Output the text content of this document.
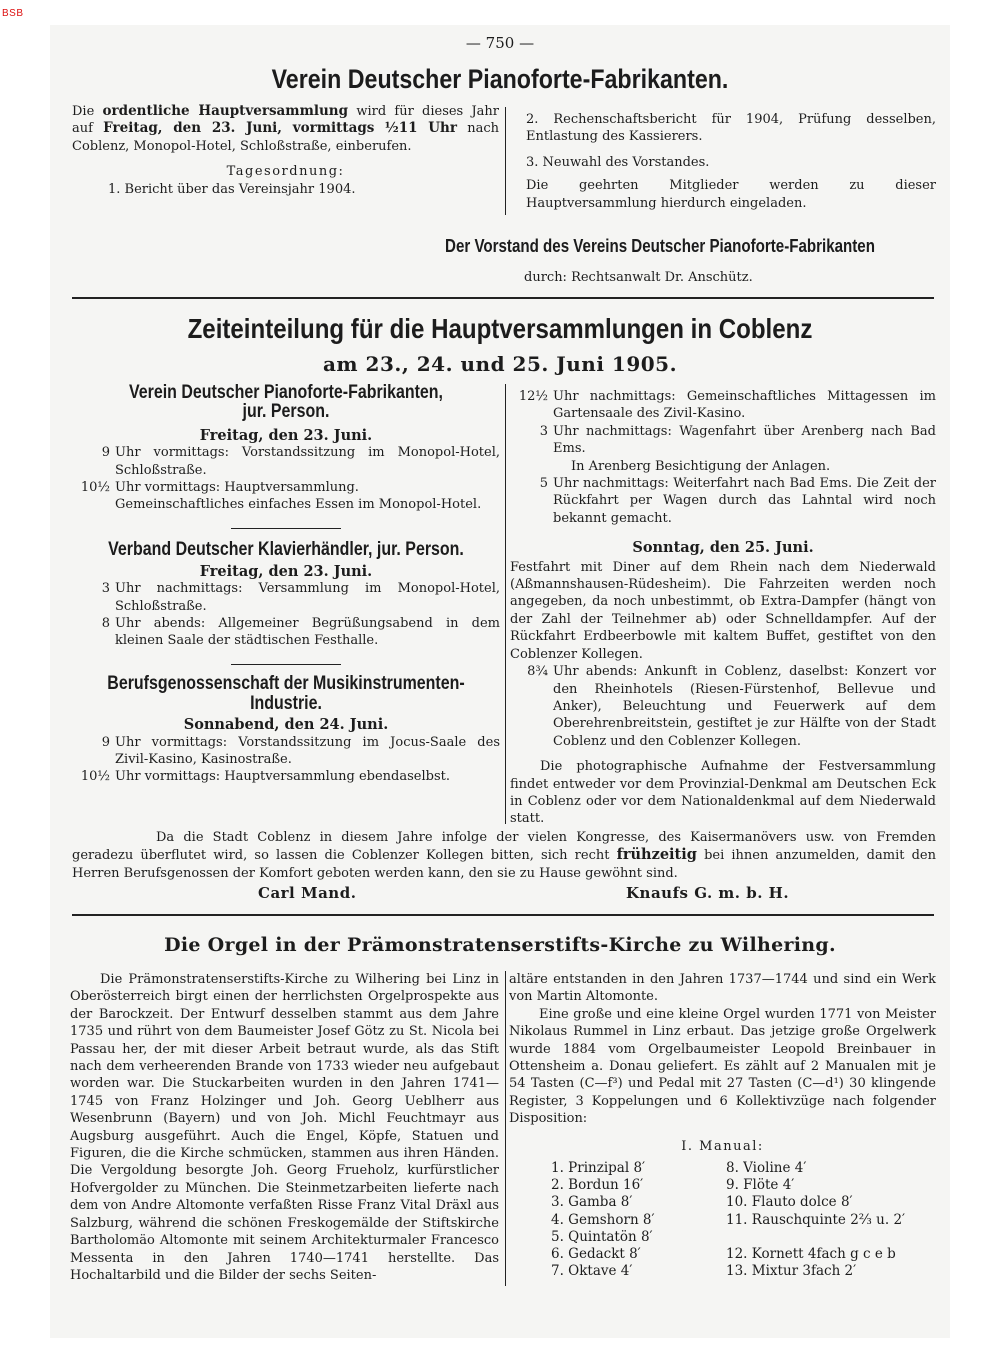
BSB
— 750 —
Verein Deutscher Pianoforte-Fabrikanten.

Die ordentliche Hauptversammlung wird für dieses Jahr auf Freitag, den 23. Juni, vormittags ½11 Uhr nach Coblenz, Monopol-Hotel, Schloßstraße, einberufen.

Tagesordnung:
1. Bericht über das Vereinsjahr 1904.

2. Rechenschaftsbericht für 1904, Prüfung desselben, Entlastung des Kassierers.

3. Neuwahl des Vorstandes.

Die geehrten Mitglieder werden zu dieser Hauptversammlung hierdurch eingeladen.

Der Vorstand des Vereins Deutscher Pianoforte-Fabrikanten
durch: Rechtsanwalt Dr. Anschütz.
Zeiteinteilung für die Hauptversammlungen in Coblenz
am 23., 24. und 25. Juni 1905.
Verein Deutscher Pianoforte-Fabrikanten,
jur. Person.
Freitag, den 23. Juni.
9 Uhr vormittags: Vorstandssitzung im Monopol-Hotel, Schloßstraße.
10½ Uhr vormittags: Hauptversammlung.
Gemeinschaftliches einfaches Essen im Monopol-Hotel.
Verband Deutscher Klavierhändler, jur. Person.
Freitag, den 23. Juni.
3 Uhr nachmittags: Versammlung im Monopol-Hotel, Schloßstraße.
8 Uhr abends: Allgemeiner Begrüßungsabend in dem kleinen Saale der städtischen Festhalle.
Berufsgenossenschaft der Musikinstrumenten-
Industrie.
Sonnabend, den 24. Juni.
9 Uhr vormittags: Vorstandssitzung im Jocus-Saale des Zivil-Kasino, Kasinostraße.
10½ Uhr vormittags: Hauptversammlung ebendaselbst.
12½ Uhr nachmittags: Gemeinschaftliches Mittagessen im Gartensaale des Zivil-Kasino.
3 Uhr nachmittags: Wagenfahrt über Arenberg nach Bad Ems.
In Arenberg Besichtigung der Anlagen.
5 Uhr nachmittags: Weiterfahrt nach Bad Ems. Die Zeit der Rückfahrt per Wagen durch das Lahntal wird noch bekannt gemacht.
Sonntag, den 25. Juni.

Festfahrt mit Diner auf dem Rhein nach dem Niederwald (Aßmannshausen-Rüdesheim). Die Fahrzeiten werden noch angegeben, da noch unbestimmt, ob Extra-Dampfer (hängt von der Zahl der Teilnehmer ab) oder Schnelldampfer. Auf der Rückfahrt Erdbeerbowle mit kaltem Buffet, gestiftet von den Coblenzer Kollegen.

8¾ Uhr abends: Ankunft in Coblenz, daselbst: Konzert vor den Rheinhotels (Riesen-Fürstenhof, Bellevue und Anker), Beleuchtung und Feuerwerk auf dem Oberehrenbreitstein, gestiftet je zur Hälfte von der Stadt Coblenz und den Coblenzer Kollegen.

Die photographische Aufnahme der Festversammlung findet entweder vor dem Provinzial-Denkmal am Deutschen Eck in Coblenz oder vor dem Nationaldenkmal auf dem Niederwald statt.

Da die Stadt Coblenz in diesem Jahre infolge der vielen Kongresse, des Kaisermanövers usw. von Fremden
geradezu überflutet wird, so lassen die Coblenzer Kollegen bitten, sich recht frühzeitig bei ihnen anzumelden, damit den
Herren Berufsgenossen der Komfort geboten werden kann, den sie zu Hause gewöhnt sind.
Carl Mand.	Knaufs G. m. b. H.
Die Orgel in der Prämonstratenserstifts-Kirche zu Wilhering.

Die Prämonstratenserstifts-Kirche zu Wilhering bei Linz in Oberösterreich birgt einen der herrlichsten Orgelprospekte aus der Barockzeit. Der Entwurf desselben stammt aus dem Jahre 1735 und rührt von dem Baumeister Josef Götz zu St. Nicola bei Passau her, der mit dieser Arbeit betraut wurde, als das Stift nach dem verheerenden Brande von 1733 wieder neu aufgebaut worden war. Die Stuckarbeiten wurden in den Jahren 1741—1745 von Franz Holzinger und Joh. Georg Ueblherr aus Wesenbrunn (Bayern) und von Joh. Michl Feuchtmayr aus Augsburg ausgeführt. Auch die Engel, Köpfe, Statuen und Figuren, die die Kirche schmücken, stammen aus ihren Händen. Die Vergoldung besorgte Joh. Georg Frueholz, kurfürstlicher Hofvergolder zu München. Die Steinmetzarbeiten lieferte nach dem von Andre Altomonte verfaßten Risse Franz Vital Dräxl aus Salzburg, während die schönen Freskogemälde der Stiftskirche Bartholomäo Altomonte mit seinem Architekturmaler Francesco Messenta in den Jahren 1740—1741 herstellte. Das Hochaltarbild und die Bilder der sechs Seiten-

altäre entstanden in den Jahren 1737—1744 und sind ein Werk von Martin Altomonte.

Eine große und eine kleine Orgel wurden 1771 von Meister Nikolaus Rummel in Linz erbaut. Das jetzige große Orgelwerk wurde 1884 vom Orgelbaumeister Leopold Breinbauer in Ottensheim a. Donau geliefert. Es zählt auf 2 Manualen mit je 54 Tasten (C—f³) und Pedal mit 27 Tasten (C—d¹) 30 klingende Register, 3 Koppelungen und 6 Kollektivzüge nach folgender Disposition:

I. Manual:
1. Prinzipal 8′
2. Bordun 16′
3. Gamba 8′
4. Gemshorn 8′
5. Quintatön 8′
6. Gedackt 8′
7. Oktave 4′
8. Violine 4′
9. Flöte 4′
10. Flauto dolce 8′
11. Rauschquinte 2⅔ u. 2′
12. Kornett 4fach g c e b
13. Mixtur 3fach 2′
